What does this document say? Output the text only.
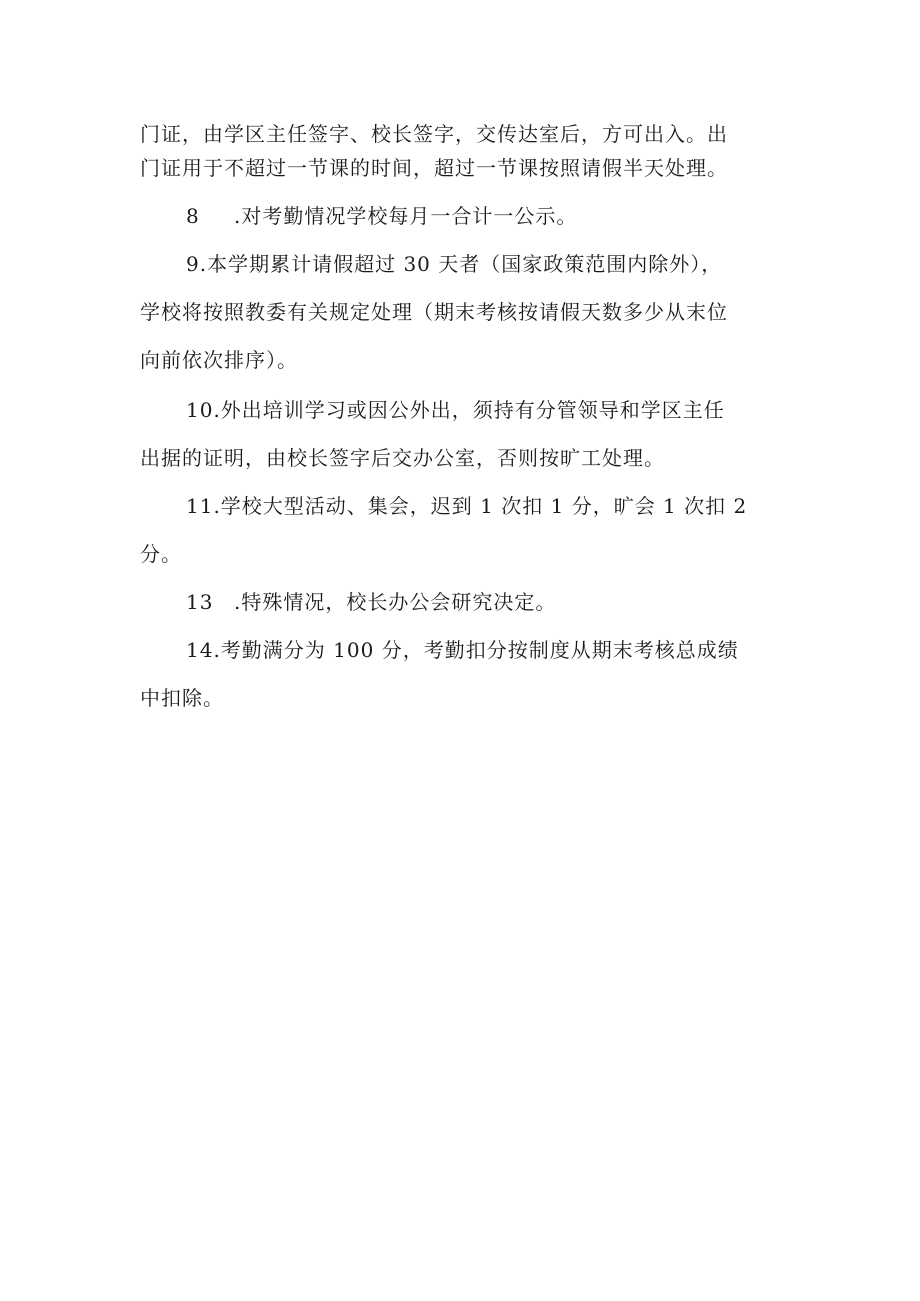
门证，由学区主任签字、校长签字，交传达室后，方可出入。出

门证用于不超过一节课的时间，超过一节课按照请假半天处理。

8 .对考勤情况学校每月一合计一公示。

9.本学期累计请假超过 30 天者（国家政策范围内除外），

学校将按照教委有关规定处理（期末考核按请假天数多少从末位

向前依次排序）。

10.外出培训学习或因公外出，须持有分管领导和学区主任

出据的证明，由校长签字后交办公室，否则按旷工处理。

11.学校大型活动、集会，迟到 1 次扣 1 分，旷会 1 次扣 2

分。

13 .特殊情况，校长办公会研究决定。

14.考勤满分为 100 分，考勤扣分按制度从期末考核总成绩

中扣除。
